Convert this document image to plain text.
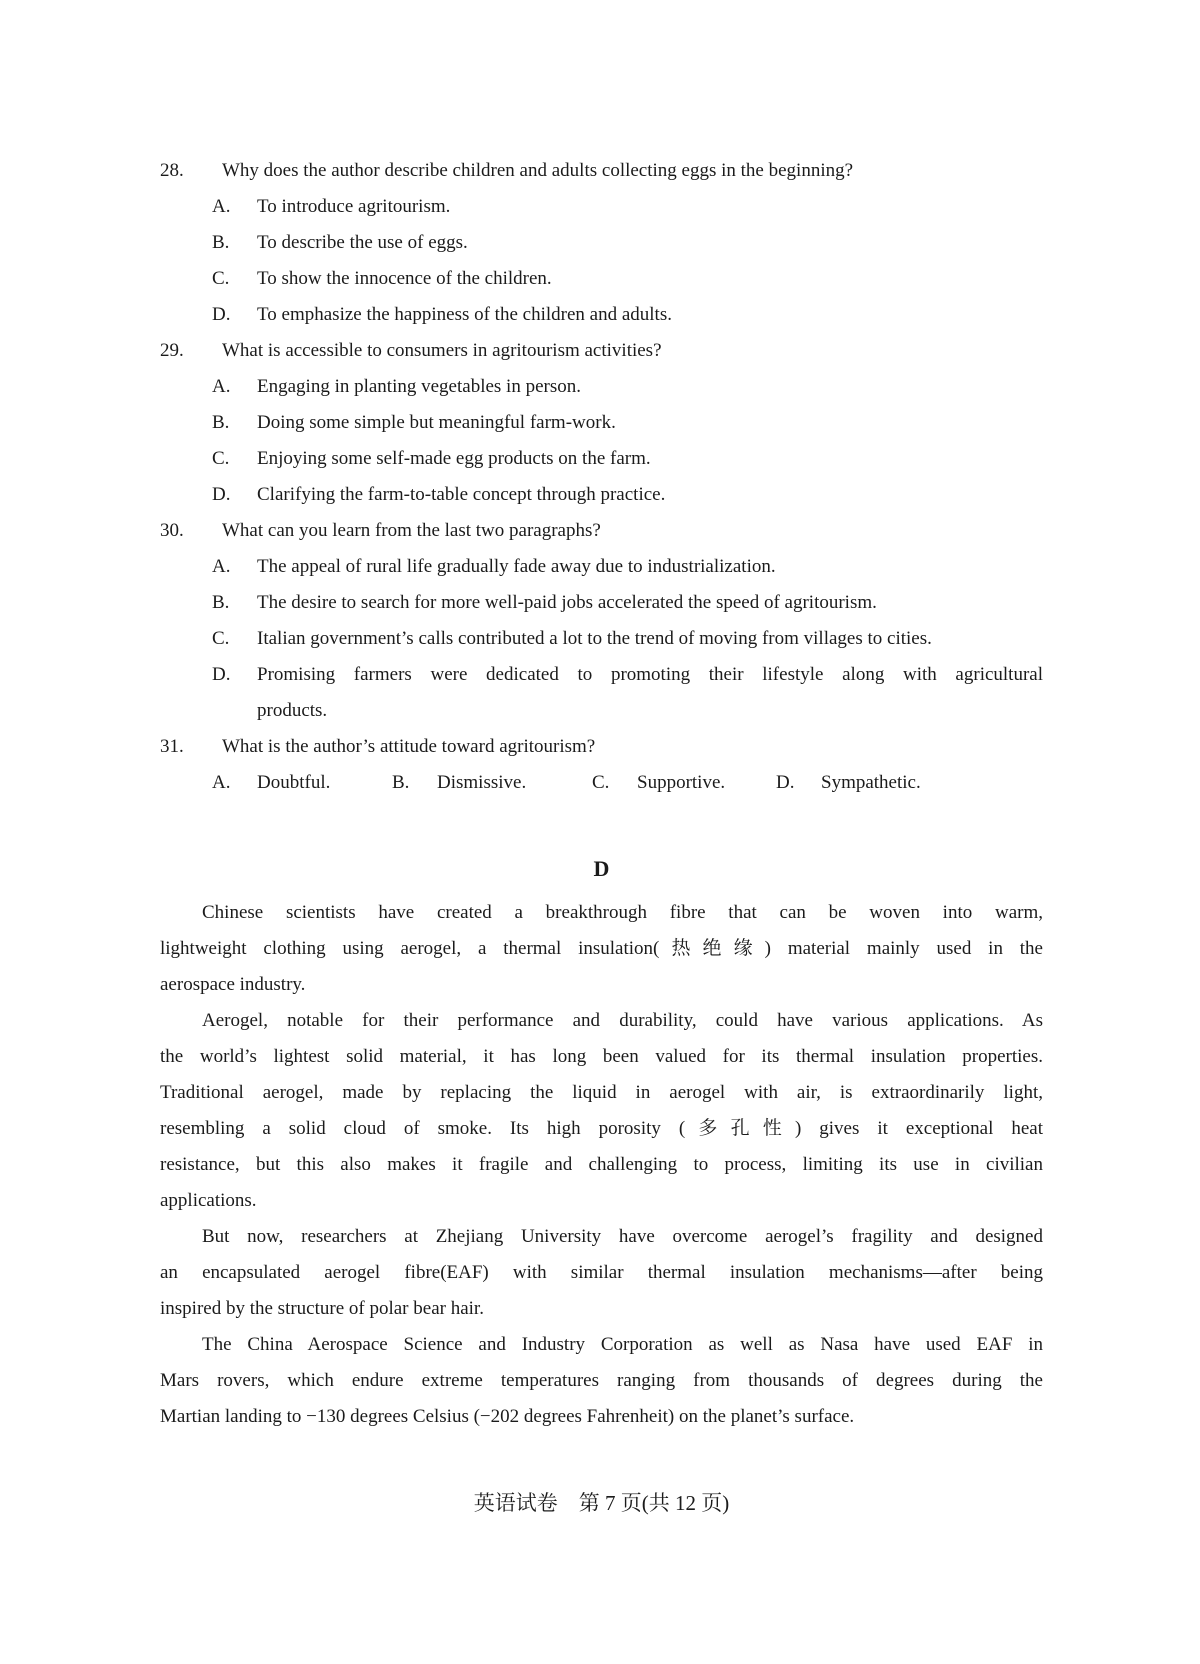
28.	Why does the author describe children and adults collecting eggs in the beginning?
A.	To introduce agritourism.
B.	To describe the use of eggs.
C.	To show the innocence of the children.
D.	To emphasize the happiness of the children and adults.
29.	What is accessible to consumers in agritourism activities?
A.	Engaging in planting vegetables in person.
B.	Doing some simple but meaningful farm-work.
C.	Enjoying some self-made egg products on the farm.
D.	Clarifying the farm-to-table concept through practice.
30.	What can you learn from the last two paragraphs?
A.	The appeal of rural life gradually fade away due to industrialization.
B.	The desire to search for more well-paid jobs accelerated the speed of agritourism.
C.	Italian government’s calls contributed a lot to the trend of moving from villages to cities.
D.	Promising farmers were dedicated to promoting their lifestyle along with agricultural
products.
31.	What is the author’s attitude toward agritourism?
A.	Doubtful.	B.	Dismissive.	C.	Supportive.	D.	Sympathetic.
D
Chinese scientists have created a breakthrough fibre that can be woven into warm,
lightweight clothing using aerogel, a thermal insulation(热绝缘) material mainly used in the
aerospace industry.
Aerogel, notable for their performance and durability, could have various applications. As
the world’s lightest solid material, it has long been valued for its thermal insulation properties.
Traditional aerogel, made by replacing the liquid in aerogel with air, is extraordinarily light,
resembling a solid cloud of smoke. Its high porosity (多孔性) gives it exceptional heat
resistance, but this also makes it fragile and challenging to process, limiting its use in civilian
applications.
But now, researchers at Zhejiang University have overcome aerogel’s fragility and designed
an encapsulated aerogel fibre(EAF) with similar thermal insulation mechanisms—after being
inspired by the structure of polar bear hair.
The China Aerospace Science and Industry Corporation as well as Nasa have used EAF in
Mars rovers, which endure extreme temperatures ranging from thousands of degrees during the
Martian landing to −130 degrees Celsius (−202 degrees Fahrenheit) on the planet’s surface.
英语试卷　第 7 页(共 12 页)
